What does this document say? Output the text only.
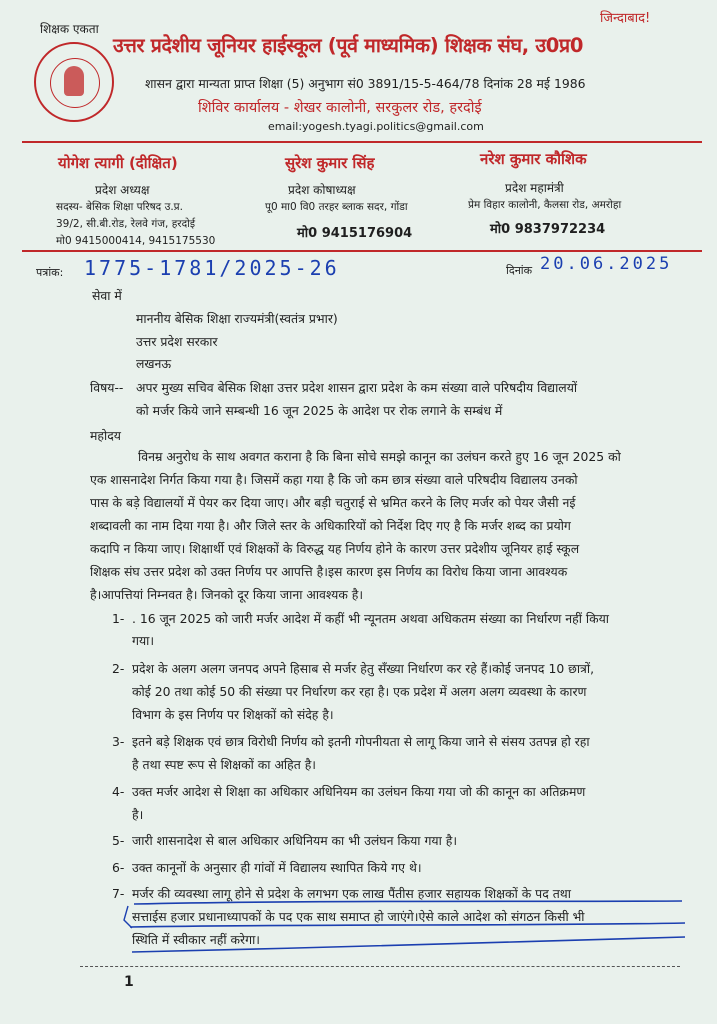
शिक्षक एकता
जिन्दाबाद!
उत्तर प्रदेशीय जूनियर हाईस्कूल (पूर्व माध्यमिक) शिक्षक संघ, उ0प्र0
शासन द्वारा मान्यता प्राप्त शिक्षा (5) अनुभाग सं0 3891/15-5-464/78 दिनांक 28 मई 1986
शिविर कार्यालय - शेखर कालोनी, सरकुलर रोड, हरदोई
email:yogesh.tyagi.politics@gmail.com
योगेश त्यागी (दीक्षित)
प्रदेश अध्यक्ष
सदस्य- बेसिक शिक्षा परिषद उ.प्र.
39/2, सी.बी.रोड, रेलवे गंज, हरदोई
मो0 9415000414, 9415175530
सुरेश कुमार सिंह
प्रदेश कोषाध्यक्ष
पू0 मा0 वि0 तरहर ब्लाक सदर, गोंडा
मो0 9415176904
नरेश कुमार कौशिक
प्रदेश महामंत्री
प्रेम विहार कालोनी, कैलसा रोड, अमरोहा
मो0 9837972234
पत्रांक: 1775-1781/2025-26	दिनांक 20.06.2025
सेवा में
माननीय बेसिक शिक्षा राज्यमंत्री(स्वतंत्र प्रभार)
उत्तर प्रदेश सरकार
लखनऊ
विषय-- अपर मुख्य सचिव बेसिक शिक्षा उत्तर प्रदेश शासन द्वारा प्रदेश के कम संख्या वाले परिषदीय विद्यालयों
को मर्जर किये जाने सम्बन्धी 16 जून 2025 के आदेश पर रोक लगाने के सम्बंध में
महोदय
विनम्र अनुरोध के साथ अवगत कराना है कि बिना सोचे समझे कानून का उलंघन करते हुए 16 जून 2025 को
एक शासनादेश निर्गत किया गया है। जिसमें कहा गया है कि जो कम छात्र संख्या वाले परिषदीय विद्यालय उनको
पास के बड़े विद्यालयों में पेयर कर दिया जाए। और बड़ी चतुराई से भ्रमित करने के लिए मर्जर को पेयर जैसी नई
शब्दावली का नाम दिया गया है। और जिले स्तर के अधिकारियों को निर्देश दिए गए है कि मर्जर शब्द का प्रयोग
कदापि न किया जाए। शिक्षार्थी एवं शिक्षकों के विरुद्ध यह निर्णय होने के कारण उत्तर प्रदेशीय जूनियर हाई स्कूल
शिक्षक संघ उत्तर प्रदेश को उक्त निर्णय पर आपत्ति है।इस कारण इस निर्णय का विरोध किया जाना आवश्यक
है।आपत्तियां निम्नवत है। जिनको दूर किया जाना आवश्यक है।
1- . 16 जून 2025 को जारी मर्जर आदेश में कहीं भी न्यूनतम अथवा अधिकतम संख्या का निर्धारण नहीं किया
गया।
2- प्रदेश के अलग अलग जनपद अपने हिसाब से मर्जर हेतु सँख्या निर्धारण कर रहे हैं।कोई जनपद 10 छात्रों,
कोई 20 तथा कोई 50 की संख्या पर निर्धारण कर रहा है। एक प्रदेश में अलग अलग व्यवस्था के कारण
विभाग के इस निर्णय पर शिक्षकों को संदेह है।
3- इतने बड़े शिक्षक एवं छात्र विरोधी निर्णय को इतनी गोपनीयता से लागू किया जाने से संसय उतपन्न हो रहा
है तथा स्पष्ट रूप से शिक्षकों का अहित है।
4- उक्त मर्जर आदेश से शिक्षा का अधिकार अधिनियम का उलंघन किया गया जो की कानून का अतिक्रमण
है।
5- जारी शासनादेश से बाल अधिकार अधिनियम का भी उलंघन किया गया है।
6- उक्त कानूनों के अनुसार ही गांवों में विद्यालय स्थापित किये गए थे।
7- मर्जर की व्यवस्था लागू होने से प्रदेश के लगभग एक लाख पैंतीस हजार सहायक शिक्षकों के पद तथा
सत्ताईस हजार प्रधानाध्यापकों के पद एक साथ समाप्त हो जाएंगे।ऐसे काले आदेश को संगठन किसी भी
स्थिति में स्वीकार नहीं करेगा।
1
